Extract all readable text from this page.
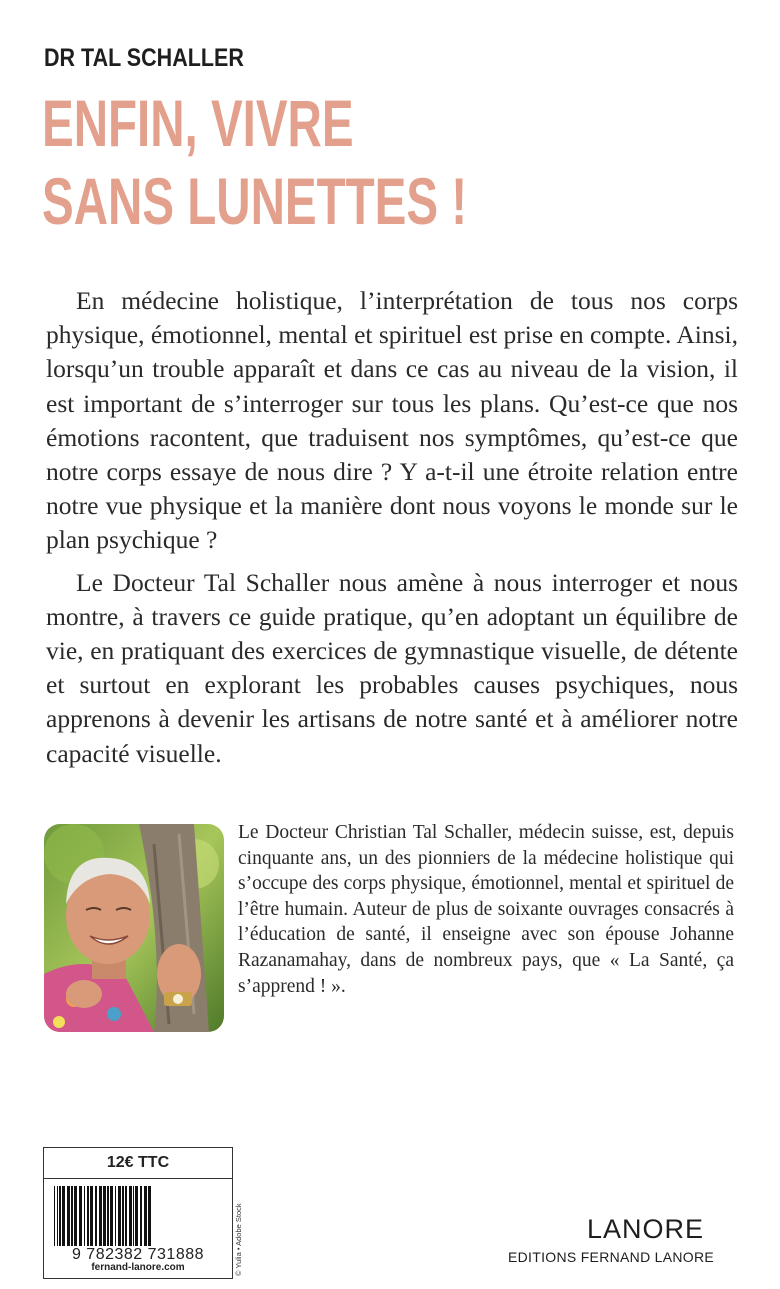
DR TAL SCHALLER
ENFIN, VIVRE
SANS LUNETTES !

En médecine holistique, l’interprétation de tous nos corps physique, émotionnel, mental et spirituel est prise en compte. Ainsi, lorsqu’un trouble apparaît et dans ce cas au niveau de la vision, il est important de s’interroger sur tous les plans. Qu’est-ce que nos émotions racontent, que traduisent nos symptômes, qu’est-ce que notre corps essaye de nous dire ? Y a-t-il une étroite relation entre notre vue physique et la manière dont nous voyons le monde sur le plan psychique ?

Le Docteur Tal Schaller nous amène à nous interroger et nous montre, à travers ce guide pratique, qu’en adoptant un équilibre de vie, en pratiquant des exercices de gymnastique visuelle, de détente et surtout en explorant les probables causes psychiques, nous apprenons à devenir les artisans de notre santé et à améliorer notre capacité visuelle.

Le Docteur Christian Tal Schaller, médecin suisse, est, depuis cinquante ans, un des pionniers de la médecine holistique qui s’occupe des corps physique, émotionnel, mental et spirituel de l’être humain. Auteur de plus de soixante ouvrages consacrés à l’éducation de santé, il enseigne avec son épouse Johanne Razanamahay, dans de nombreux pays, que « La Santé, ça s’apprend ! ».
12€ TTC
9 782382 731888
fernand-lanore.com	© Yulia • Adobe Stock	LANORE
EDITIONS FERNAND LANORE
